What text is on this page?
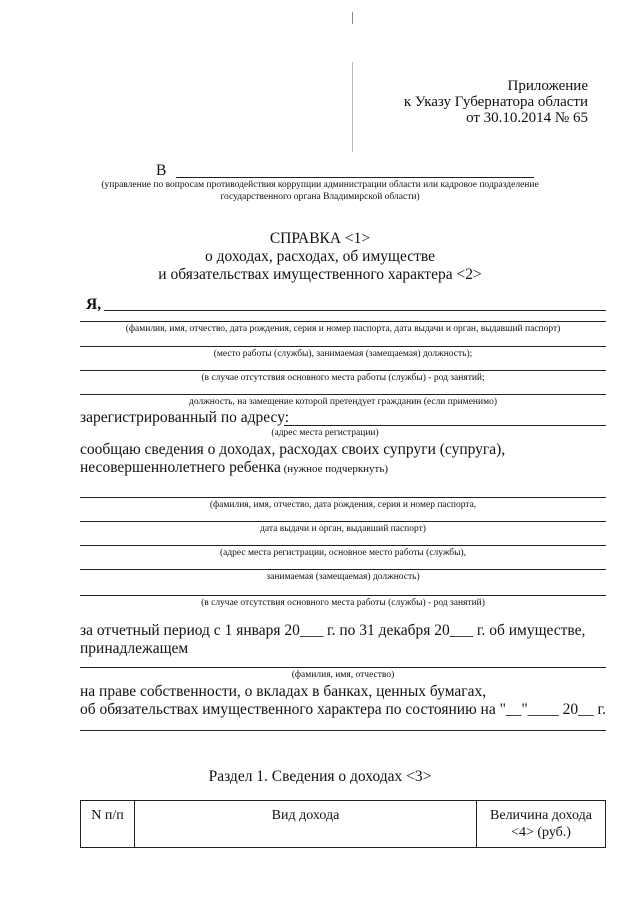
Приложение
к Указу Губернатора области
от 30.10.2014 № 65
В
(управление по вопросам противодействия коррупции администрации области или кадровое подразделение
государственного органа Владимирской области)
СПРАВКА <1>
о доходах, расходах, об имуществе
и обязательствах имущественного характера <2>
Я,
(фамилия, имя, отчество, дата рождения, серия и номер паспорта, дата выдачи и орган, выдавший паспорт)
(место работы (службы), занимаемая (замещаемая) должность);
(в случае отсутствия основного места работы (службы) - род занятий;
должность, на замещение которой претендует гражданин (если применимо)
зарегистрированный по адресу:
(адрес места регистрации)
сообщаю сведения о доходах, расходах своих супруги (супруга),
несовершеннолетнего ребенка (нужное подчеркнуть)
(фамилия, имя, отчество, дата рождения, серия и номер паспорта,
дата выдачи и орган, выдавший паспорт)
(адрес места регистрации, основное место работы (службы),
занимаемая (замещаемая) должность)
(в случае отсутствия основного места работы (службы) - род занятий)
за отчетный период с 1 января 20___ г. по 31 декабря 20___ г. об имуществе,
принадлежащем
(фамилия, имя, отчество)
на праве собственности, о вкладах в банках, ценных бумагах,
об обязательствах имущественного характера по состоянию на "__"____ 20__ г.
Раздел 1. Сведения о доходах <3>
N п/п	Вид дохода	Величина дохода
<4> (руб.)
